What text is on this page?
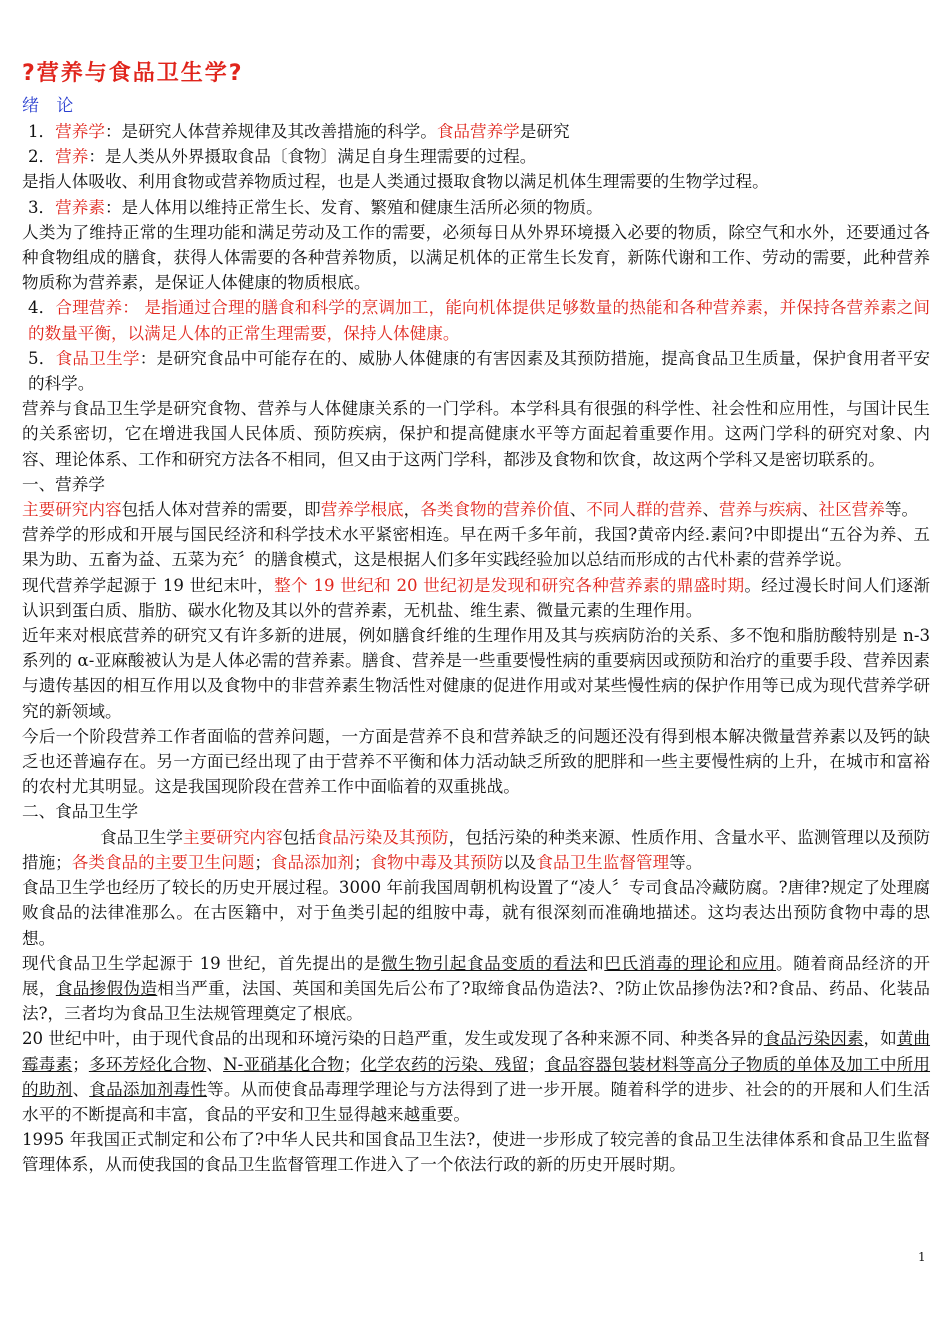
?营养与食品卫生学?
绪 论

1．营养学：是研究人体营养规律及其改善措施的科学。食品营养学是研究

2．营养：是人类从外界摄取食品〔食物〕满足自身生理需要的过程。

是指人体吸收、利用食物或营养物质过程，也是人类通过摄取食物以满足机体生理需要的生物学过程。

3．营养素：是人体用以维持正常生长、发育、繁殖和健康生活所必须的物质。

人类为了维持正常的生理功能和满足劳动及工作的需要，必须每日从外界环境摄入必要的物质，除空气和水外，还要通过各种食物组成的膳食，获得人体需要的各种营养物质，以满足机体的正常生长发育，新陈代谢和工作、劳动的需要，此种营养物质称为营养素，是保证人体健康的物质根底。

4．合理营养： 是指通过合理的膳食和科学的烹调加工，能向机体提供足够数量的热能和各种营养素，并保持各营养素之间的数量平衡，以满足人体的正常生理需要，保持人体健康。

5．食品卫生学：是研究食品中可能存在的、威胁人体健康的有害因素及其预防措施，提高食品卫生质量，保护食用者平安的科学。

营养与食品卫生学是研究食物、营养与人体健康关系的一门学科。本学科具有很强的科学性、社会性和应用性，与国计民生的关系密切，它在增进我国人民体质、预防疾病，保护和提高健康水平等方面起着重要作用。这两门学科的研究对象、内容、理论体系、工作和研究方法各不相同，但又由于这两门学科，都涉及食物和饮食，故这两个学科又是密切联系的。

一、营养学

主要研究内容包括人体对营养的需要，即营养学根底，各类食物的营养价值、不同人群的营养、营养与疾病、社区营养等。

营养学的形成和开展与国民经济和科学技术水平紧密相连。早在两千多年前，我国?黄帝内经.素问?中即提出“五谷为养、五果为助、五畜为益、五菜为充〞的膳食模式，这是根据人们多年实践经验加以总结而形成的古代朴素的营养学说。

现代营养学起源于 19 世纪末叶，整个 19 世纪和 20 世纪初是发现和研究各种营养素的鼎盛时期。经过漫长时间人们逐渐认识到蛋白质、脂肪、碳水化物及其以外的营养素，无机盐、维生素、微量元素的生理作用。

近年来对根底营养的研究又有许多新的进展，例如膳食纤维的生理作用及其与疾病防治的关系、多不饱和脂肪酸特别是 n-3 系列的 α-亚麻酸被认为是人体必需的营养素。膳食、营养是一些重要慢性病的重要病因或预防和治疗的重要手段、营养因素与遗传基因的相互作用以及食物中的非营养素生物活性对健康的促进作用或对某些慢性病的保护作用等已成为现代营养学研究的新领域。

今后一个阶段营养工作者面临的营养问题，一方面是营养不良和营养缺乏的问题还没有得到根本解决微量营养素以及钙的缺乏也还普遍存在。另一方面已经出现了由于营养不平衡和体力活动缺乏所致的肥胖和一些主要慢性病的上升，在城市和富裕的农村尤其明显。这是我国现阶段在营养工作中面临着的双重挑战。

二、食品卫生学

食品卫生学主要研究内容包括食品污染及其预防，包括污染的种类来源、性质作用、含量水平、监测管理以及预防措施；各类食品的主要卫生问题；食品添加剂；食物中毒及其预防以及食品卫生监督管理等。

食品卫生学也经历了较长的历史开展过程。3000 年前我国周朝机构设置了“凌人〞专司食品冷藏防腐。?唐律?规定了处理腐败食品的法律准那么。在古医籍中，对于鱼类引起的组胺中毒，就有很深刻而准确地描述。这均表达出预防食物中毒的思想。

现代食品卫生学起源于 19 世纪，首先提出的是微生物引起食品变质的看法和巴氏消毒的理论和应用。随着商品经济的开展，食品掺假伪造相当严重，法国、英国和美国先后公布了?取缔食品伪造法?、?防止饮品掺伪法?和?食品、药品、化装品法?，三者均为食品卫生法规管理奠定了根底。

20 世纪中叶，由于现代食品的出现和环境污染的日趋严重，发生或发现了各种来源不同、种类各异的食品污染因素，如黄曲霉毒素；多环芳烃化合物、N-亚硝基化合物；化学农药的污染、残留；食品容器包装材料等高分子物质的单体及加工中所用的助剂、食品添加剂毒性等。从而使食品毒理学理论与方法得到了进一步开展。随着科学的进步、社会的的开展和人们生活水平的不断提高和丰富，食品的平安和卫生显得越来越重要。

1995 年我国正式制定和公布了?中华人民共和国食品卫生法?，使进一步形成了较完善的食品卫生法律体系和食品卫生监督管理体系，从而使我国的食品卫生监督管理工作进入了一个依法行政的新的历史开展时期。

1
